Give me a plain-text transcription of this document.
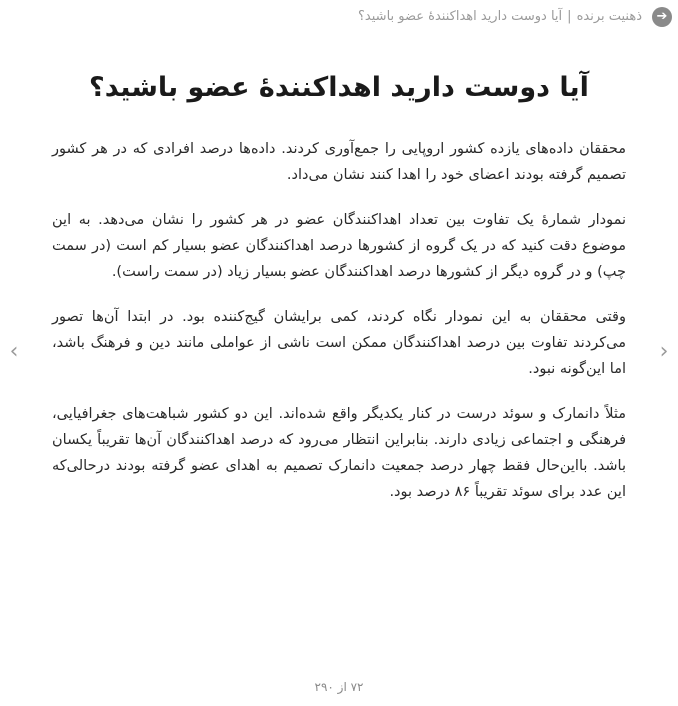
➔
ذهنیت برنده|آیا دوست دارید اهداکنندهٔ عضو باشید؟
آیا دوست دارید اهداکنندهٔ عضو باشید؟

محققان داده‌های یازده کشور اروپایی را جمع‌آوری کردند. داده‌ها درصد افرادی که در هر کشور تصمیم گرفته بودند اعضای خود را اهدا کنند نشان می‌داد.

نمودار شمارهٔ یک تفاوت بین تعداد اهداکنندگان عضو در هر کشور را نشان می‌دهد. به این موضوع دقت کنید که در یک گروه از کشورها درصد اهداکنندگان عضو بسیار کم است (در سمت چپ) و در گروه دیگر از کشورها درصد اهداکنندگان عضو بسیار زیاد (در سمت راست).

وقتی محققان به این نمودار نگاه کردند، کمی برایشان گیج‌کننده بود. در ابتدا آن‌ها تصور می‌کردند تفاوت بین درصد اهداکنندگان ممکن است ناشی از عواملی مانند دین و فرهنگ باشد، اما این‌گونه نبود.

مثلاً دانمارک و سوئد درست در کنار یکدیگر واقع شده‌اند. این دو کشور شباهت‌های جغرافیایی، فرهنگی و اجتماعی زیادی دارند. بنابراین انتظار می‌رود که درصد اهداکنندگان آن‌ها تقریباً یکسان باشد. بااین‌حال فقط چهار درصد جمعیت دانمارک تصمیم به اهدای عضو گرفته بودند درحالی‌که این عدد برای سوئد تقریباً ۸۶ درصد بود.

‹	›
۷۲ از ۲۹۰
